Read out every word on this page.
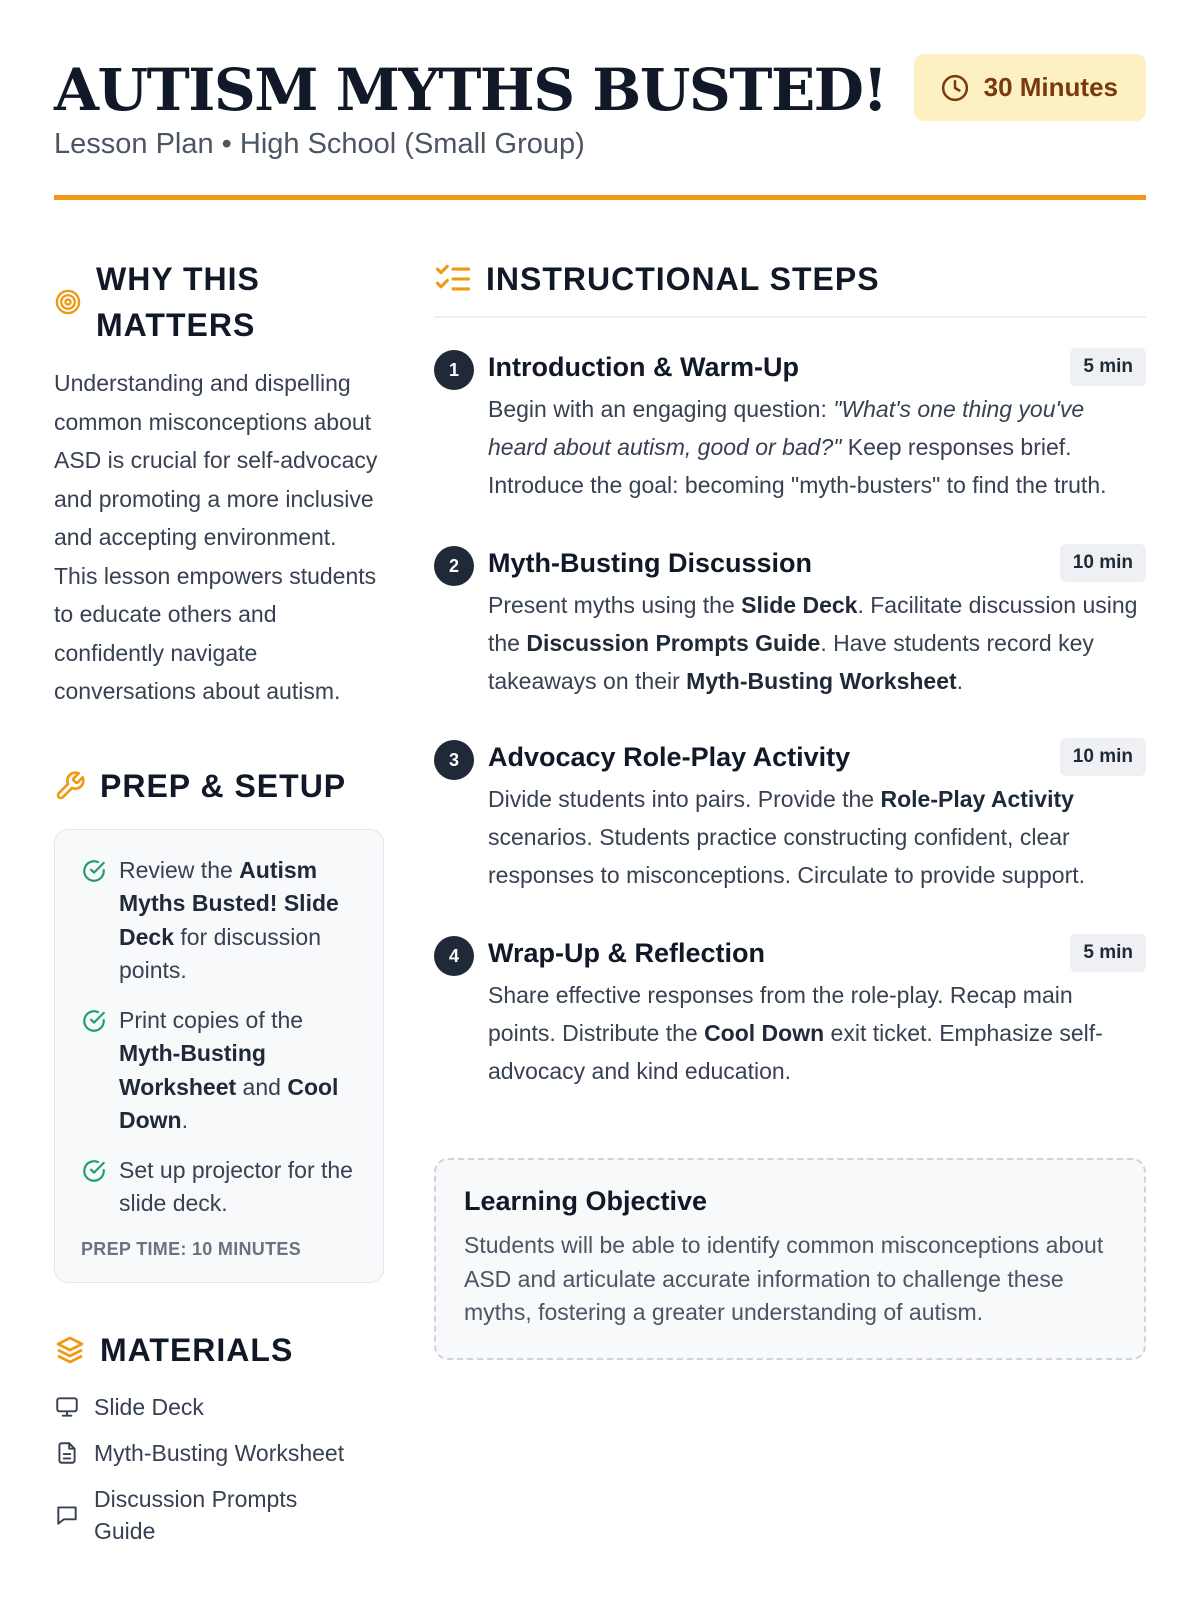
AUTISM MYTHS BUSTED!
Lesson Plan • High School (Small Group)
30 Minutes
WHY THIS MATTERS

Understanding and dispelling common misconceptions about ASD is crucial for self-advocacy and promoting a more inclusive and accepting environment. This lesson empowers students to educate others and confidently navigate conversations about autism.

PREP & SETUP
Review the Autism Myths Busted! Slide Deck for discussion points.
Print copies of the Myth-Busting Worksheet and Cool Down.
Set up projector for the slide deck.
PREP TIME: 10 MINUTES
MATERIALS
Slide Deck
Myth-Busting Worksheet
Discussion Prompts Guide
INSTRUCTIONAL STEPS
1	Introduction & Warm-Up	5 min

Begin with an engaging question: "What's one thing you've heard about autism, good or bad?" Keep responses brief. Introduce the goal: becoming "myth-busters" to find the truth.

2	Myth-Busting Discussion	10 min

Present myths using the Slide Deck. Facilitate discussion using the Discussion Prompts Guide. Have students record key takeaways on their Myth-Busting Worksheet.

3	Advocacy Role-Play Activity	10 min

Divide students into pairs. Provide the Role-Play Activity scenarios. Students practice constructing confident, clear responses to misconceptions. Circulate to provide support.

4	Wrap-Up & Reflection	5 min

Share effective responses from the role-play. Recap main points. Distribute the Cool Down exit ticket. Emphasize self-advocacy and kind education.

Learning Objective

Students will be able to identify common misconceptions about ASD and articulate accurate information to challenge these myths, fostering a greater understanding of autism.
